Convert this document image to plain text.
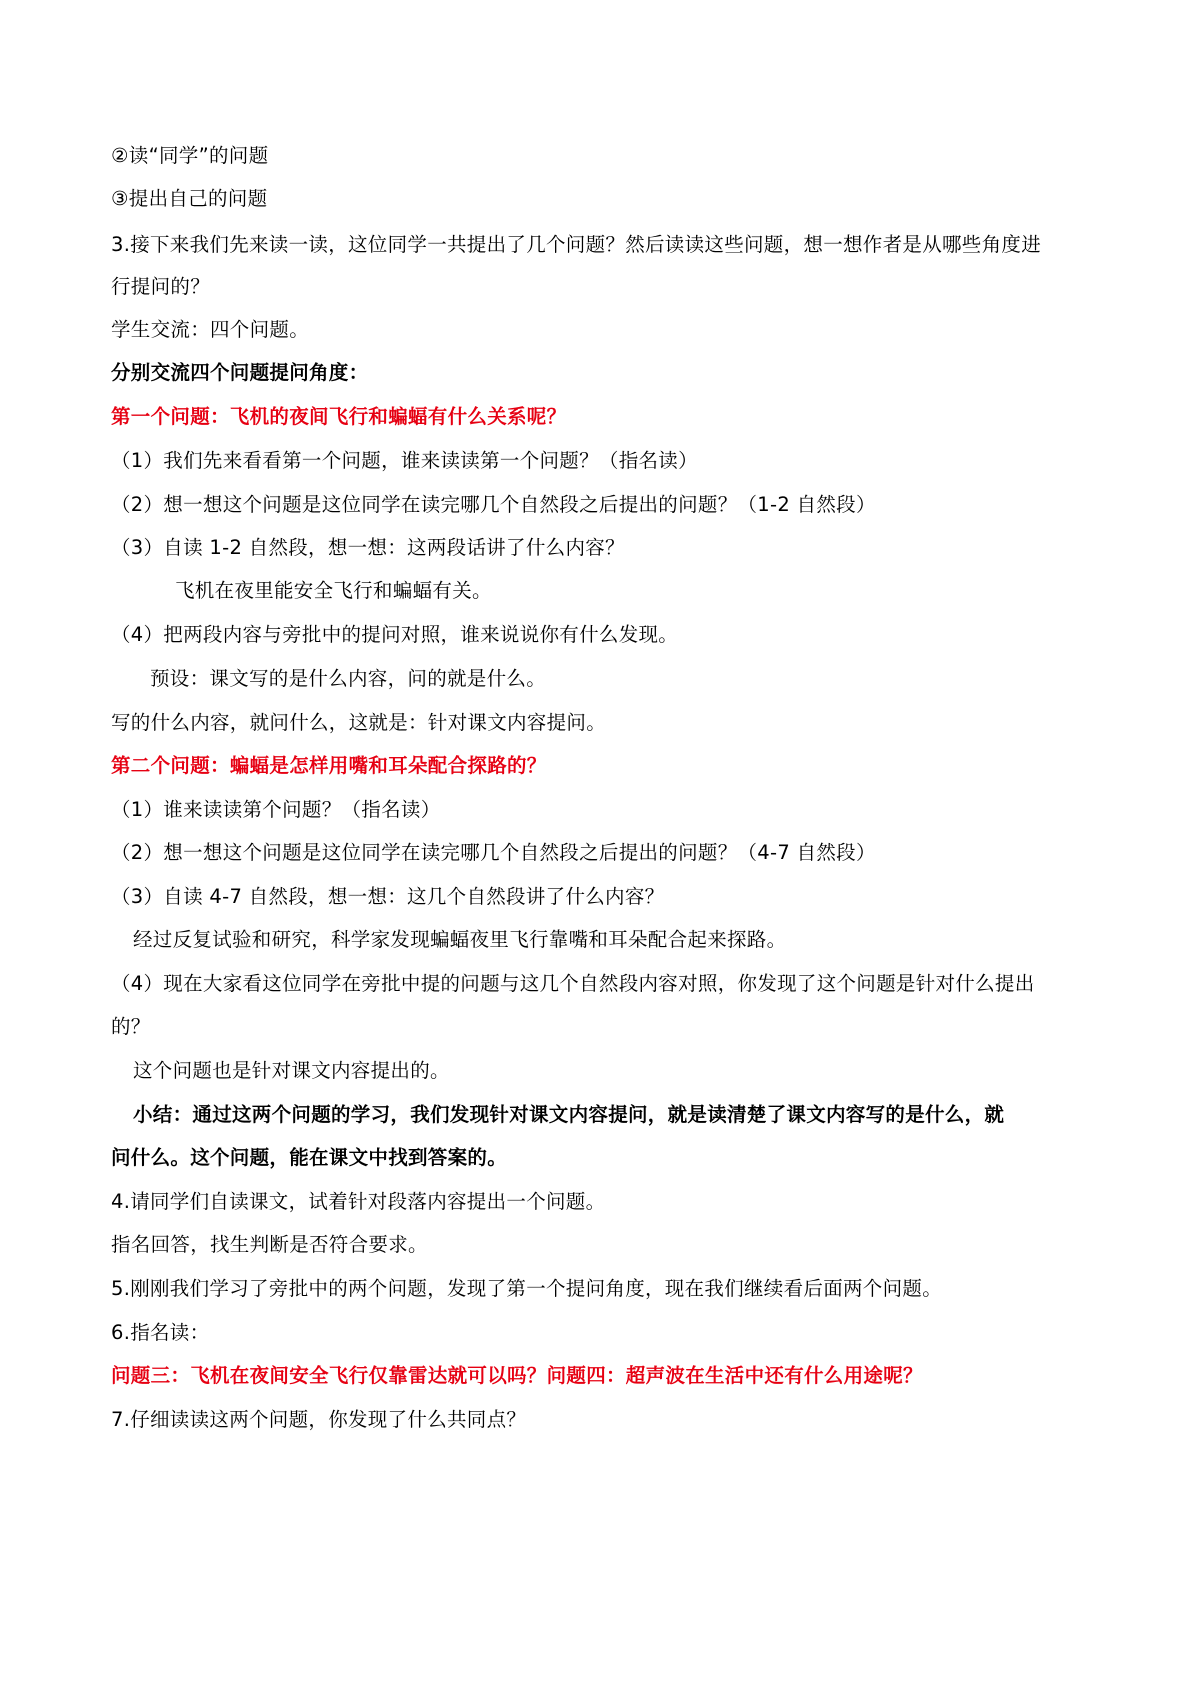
②读“同学”的问题
③提出自己的问题
3.接下来我们先来读一读，这位同学一共提出了几个问题？然后读读这些问题，想一想作者是从哪些角度进
行提问的？
学生交流：四个问题。
分别交流四个问题提问角度：
第一个问题：飞机的夜间飞行和蝙蝠有什么关系呢？
（1）我们先来看看第一个问题，谁来读读第一个问题？（指名读）
（2）想一想这个问题是这位同学在读完哪几个自然段之后提出的问题？（1-2 自然段）
（3）自读 1-2 自然段，想一想：这两段话讲了什么内容？
飞机在夜里能安全飞行和蝙蝠有关。
（4）把两段内容与旁批中的提问对照，谁来说说你有什么发现。
预设：课文写的是什么内容，问的就是什么。
写的什么内容，就问什么，这就是：针对课文内容提问。
第二个问题：蝙蝠是怎样用嘴和耳朵配合探路的？
（1）谁来读读第个问题？（指名读）
（2）想一想这个问题是这位同学在读完哪几个自然段之后提出的问题？（4-7 自然段）
（3）自读 4-7 自然段，想一想：这几个自然段讲了什么内容？
经过反复试验和研究，科学家发现蝙蝠夜里飞行靠嘴和耳朵配合起来探路。
（4）现在大家看这位同学在旁批中提的问题与这几个自然段内容对照，你发现了这个问题是针对什么提出
的？
这个问题也是针对课文内容提出的。
小结：通过这两个问题的学习，我们发现针对课文内容提问，就是读清楚了课文内容写的是什么，就
问什么。这个问题，能在课文中找到答案的。
4.请同学们自读课文，试着针对段落内容提出一个问题。
指名回答，找生判断是否符合要求。
5.刚刚我们学习了旁批中的两个问题，发现了第一个提问角度，现在我们继续看后面两个问题。
6.指名读：
问题三：飞机在夜间安全飞行仅靠雷达就可以吗？问题四：超声波在生活中还有什么用途呢？
7.仔细读读这两个问题，你发现了什么共同点？
